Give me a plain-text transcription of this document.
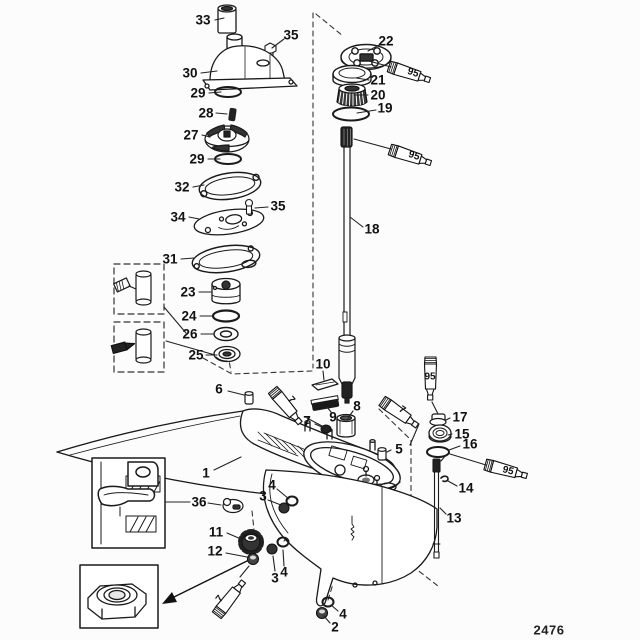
33
35
30
29
28
27
29
32
34
35
31
23
24
26
25
22
21
20
19
18
10
6
7 9
8
5
17
15
16
14
13
1
36
11
12
4
3
3 4
4
2
95
95
95
95
7
7
7
2476
